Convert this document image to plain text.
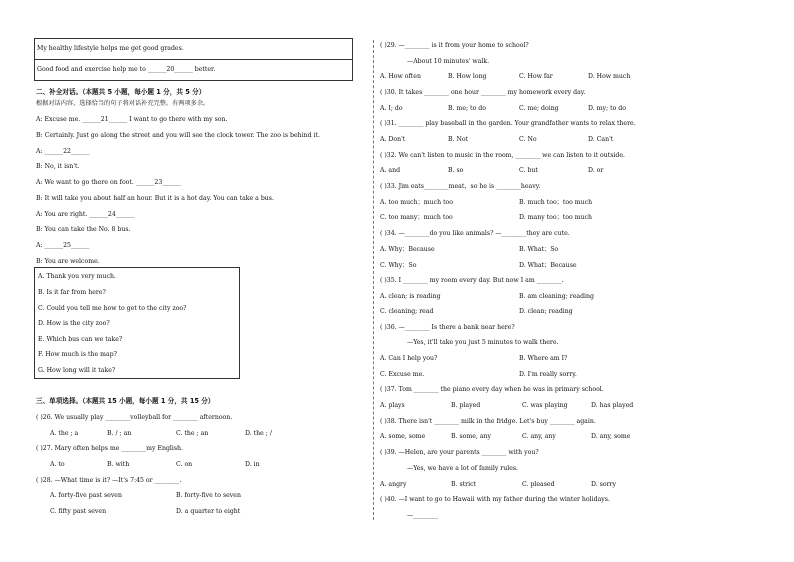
My healthy lifestyle helps me get good grades.
Good food and exercise help me to ______20______ better.
二、补全对话。（本题共 5 小题，每小题 1 分，共 5 分）
根据对话内容，选择恰当的句子将对话补充完整。有两项多余。
A: Excuse me. ______21______ I want to go there with my son.
B: Certainly. Just go along the street and you will see the clock tower. The zoo is behind it.
A: ______22______
B: No, it isn't.
A: We want to go there on foot. ______23______
B: It will take you about half an hour. But it is a hot day. You can take a bus.
A: You are right. ______24______
B: You can take the No. 8 bus.
A: ______25______
B: You are welcome.
A. Thank you very much.
B. Is it far from here?
C. Could you tell me how to get to the city zoo?
D. How is the city zoo?
E. Which bus can we take?
F. How much is the map?
G. How long will it take?
三、单项选择。（本题共 15 小题，每小题 1 分，共 15 分）
( )26. We usually play ________volleyball for ________ afternoon.
A. the ; a	B. / ; an	C. the ; an	D. the ; /
( )27. Mary often helps me ________my English.
A. to	B. with	C. on	D. in
( )28. —What time is it? —It's 7:45 or ________.
A. forty-five past seven	B. forty-five to seven
C. fifty past seven	D. a quarter to eight
( )29. —________ is it from your home to school?
—About 10 minutes' walk.
A. How often	B. How long	C. How far	D. How much
( )30. It takes ________ one hour ________ my homework every day.
A. I; do	B. me; to do	C. me; doing	D. my; to do
( )31. ________ play baseball in the garden. Your grandfather wants to relax there.
A. Don't	B. Not	C. No	D. Can't
( )32. We can't listen to music in the room, ________ we can listen to it outside.
A. and	B. so	C. but	D. or
( )33. Jim eats________meat，so he is ________heavy.
A. too much；much too	B. much too；too much
C. too many；much too	D. many too；too much
( )34. —________do you like animals? —________they are cute.
A. Why；Because	B. What；So
C. Why；So	D. What；Because
( )35. I ________ my room every day. But now I am ________.
A. clean; is reading	B. am cleaning; reading
C. cleaning; read	D. clean; reading
( )36. —________ Is there a bank near here?
—Yes, it'll take you just 5 minutes to walk there.
A. Can I help you?	B. Where am I?
C. Excuse me.	D. I'm really sorry.
( )37. Tom ________ the piano every day when he was in primary school.
A. plays	B. played	C. was playing	D. has played
( )38. There isn't ________ milk in the fridge. Let's buy ________ again.
A. some, some	B. some, any	C. any, any	D. any, some
( )39. —Helen, are your parents ________ with you?
—Yes, we have a lot of family rules.
A. angry	B. strict	C. pleased	D. sorry
( )40. —I want to go to Hawaii with my father during the winter holidays.
—________
